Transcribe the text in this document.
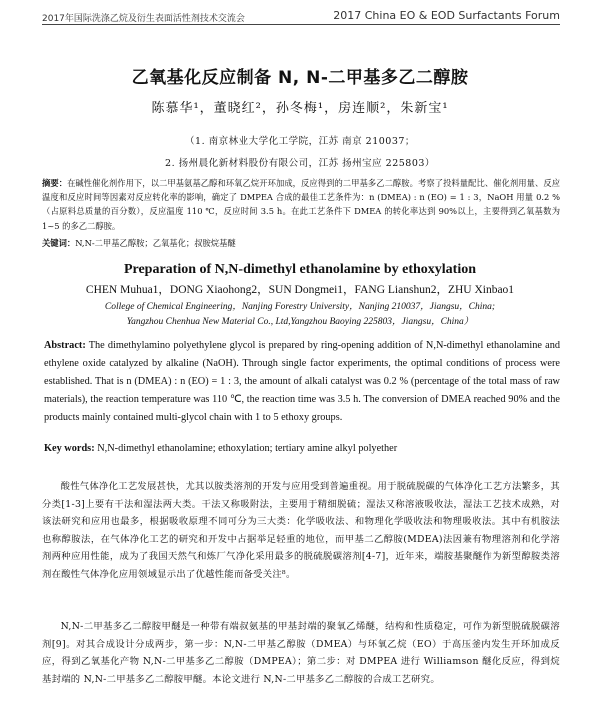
2017年国际洗涤乙烷及衍生表面活性剂技术交流会	2017 China EO & EOD Surfactants Forum
乙氧基化反应制备 N, N-二甲基多乙二醇胺
陈慕华¹，董晓红²，孙冬梅¹，房连顺²，朱新宝¹
（1. 南京林业大学化工学院，江苏 南京 210037；
2. 扬州晨化新材料股份有限公司，江苏 扬州宝应 225803）
摘要：在碱性催化剂作用下，以二甲基氨基乙醇和环氧乙烷开环加成，反应得到的二甲基多乙二醇胺。考察了投料量配比、催化剂用量、反应温度和反应时间等因素对反应转化率的影响，确定了 DMPEA 合成的最佳工艺条件为：n (DMEA) : n (EO) = 1 : 3，NaOH 用量 0.2 %（占原料总质量的百分数），反应温度 110 ℃，反应时间 3.5 h。在此工艺条件下 DMEA 的转化率达到 90%以上，主要得到乙氧基数为 1~5 的多乙二醇胺。
关键词：N,N-二甲基乙醇胺；乙氧基化；叔胺烷基醚
Preparation of N,N-dimethyl ethanolamine by ethoxylation
CHEN Muhua1，DONG Xiaohong2，SUN Dongmei1，FANG Lianshun2，ZHU Xinbao1
College of Chemical Engineering，Nanjing Forestry University，Nanjing 210037，Jiangsu，China;
Yangzhou Chenhua New Material Co., Ltd,Yangzhou Baoying 225803，Jiangsu，China）
Abstract: The dimethylamino polyethylene glycol is prepared by ring-opening addition of N,N-dimethyl ethanolamine and ethylene oxide catalyzed by alkaline (NaOH). Through single factor experiments, the optimal conditions of process were established. That is n (DMEA) : n (EO) = 1 : 3, the amount of alkali catalyst was 0.2 % (percentage of the total mass of raw materials), the reaction temperature was 110 ℃, the reaction time was 3.5 h. The conversion of DMEA reached 90% and the products mainly contained multi-glycol chain with 1 to 5 ethoxy groups.
Key words: N,N-dimethyl ethanolamine; ethoxylation; tertiary amine alkyl polyether
酸性气体净化工艺发展甚快，尤其以胺类溶剂的开发与应用受到普遍重视。用于脱硫脱碳的气体净化工艺方法繁多，其分类[1-3]上要有干法和湿法两大类。干法又称吸附法，主要用于精细脱硫；湿法又称溶液吸收法，湿法工艺技术成熟，对该法研究和应用也最多，根据吸收原理不同可分为三大类：化学吸收法、和物理化学吸收法和物理吸收法。其中有机胺法也称醇胺法，在气体净化工艺的研究和开发中占据举足轻重的地位，而甲基二乙醇胺(MDEA)法因兼有物理溶剂和化学溶剂两种应用性能，成为了我国天然气和炼厂气净化采用最多的脱硫脱碳溶剂[4-7]，近年来，端胺基聚醚作为新型醇胺类溶剂在酸性气体净化应用领域显示出了优越性能而备受关注⁸。
N,N-二甲基多乙二醇胺甲醚是一种带有端叔氨基的甲基封端的聚氧乙烯醚，结构和性质稳定，可作为新型脱硫脱碳溶剂[9]。对其合成设计分成两步，第一步：N,N-二甲基乙醇胺（DMEA）与环氧乙烷（EO）于高压釜内发生开环加成反应，得到乙氧基化产物 N,N-二甲基多乙二醇胺（DMPEA）；第二步：对 DMPEA 进行 Williamson 醚化反应，得到烷基封端的 N,N-二甲基多乙二醇胺甲醚。本论文进行 N,N-二甲基多乙二醇胺的合成工艺研究。
